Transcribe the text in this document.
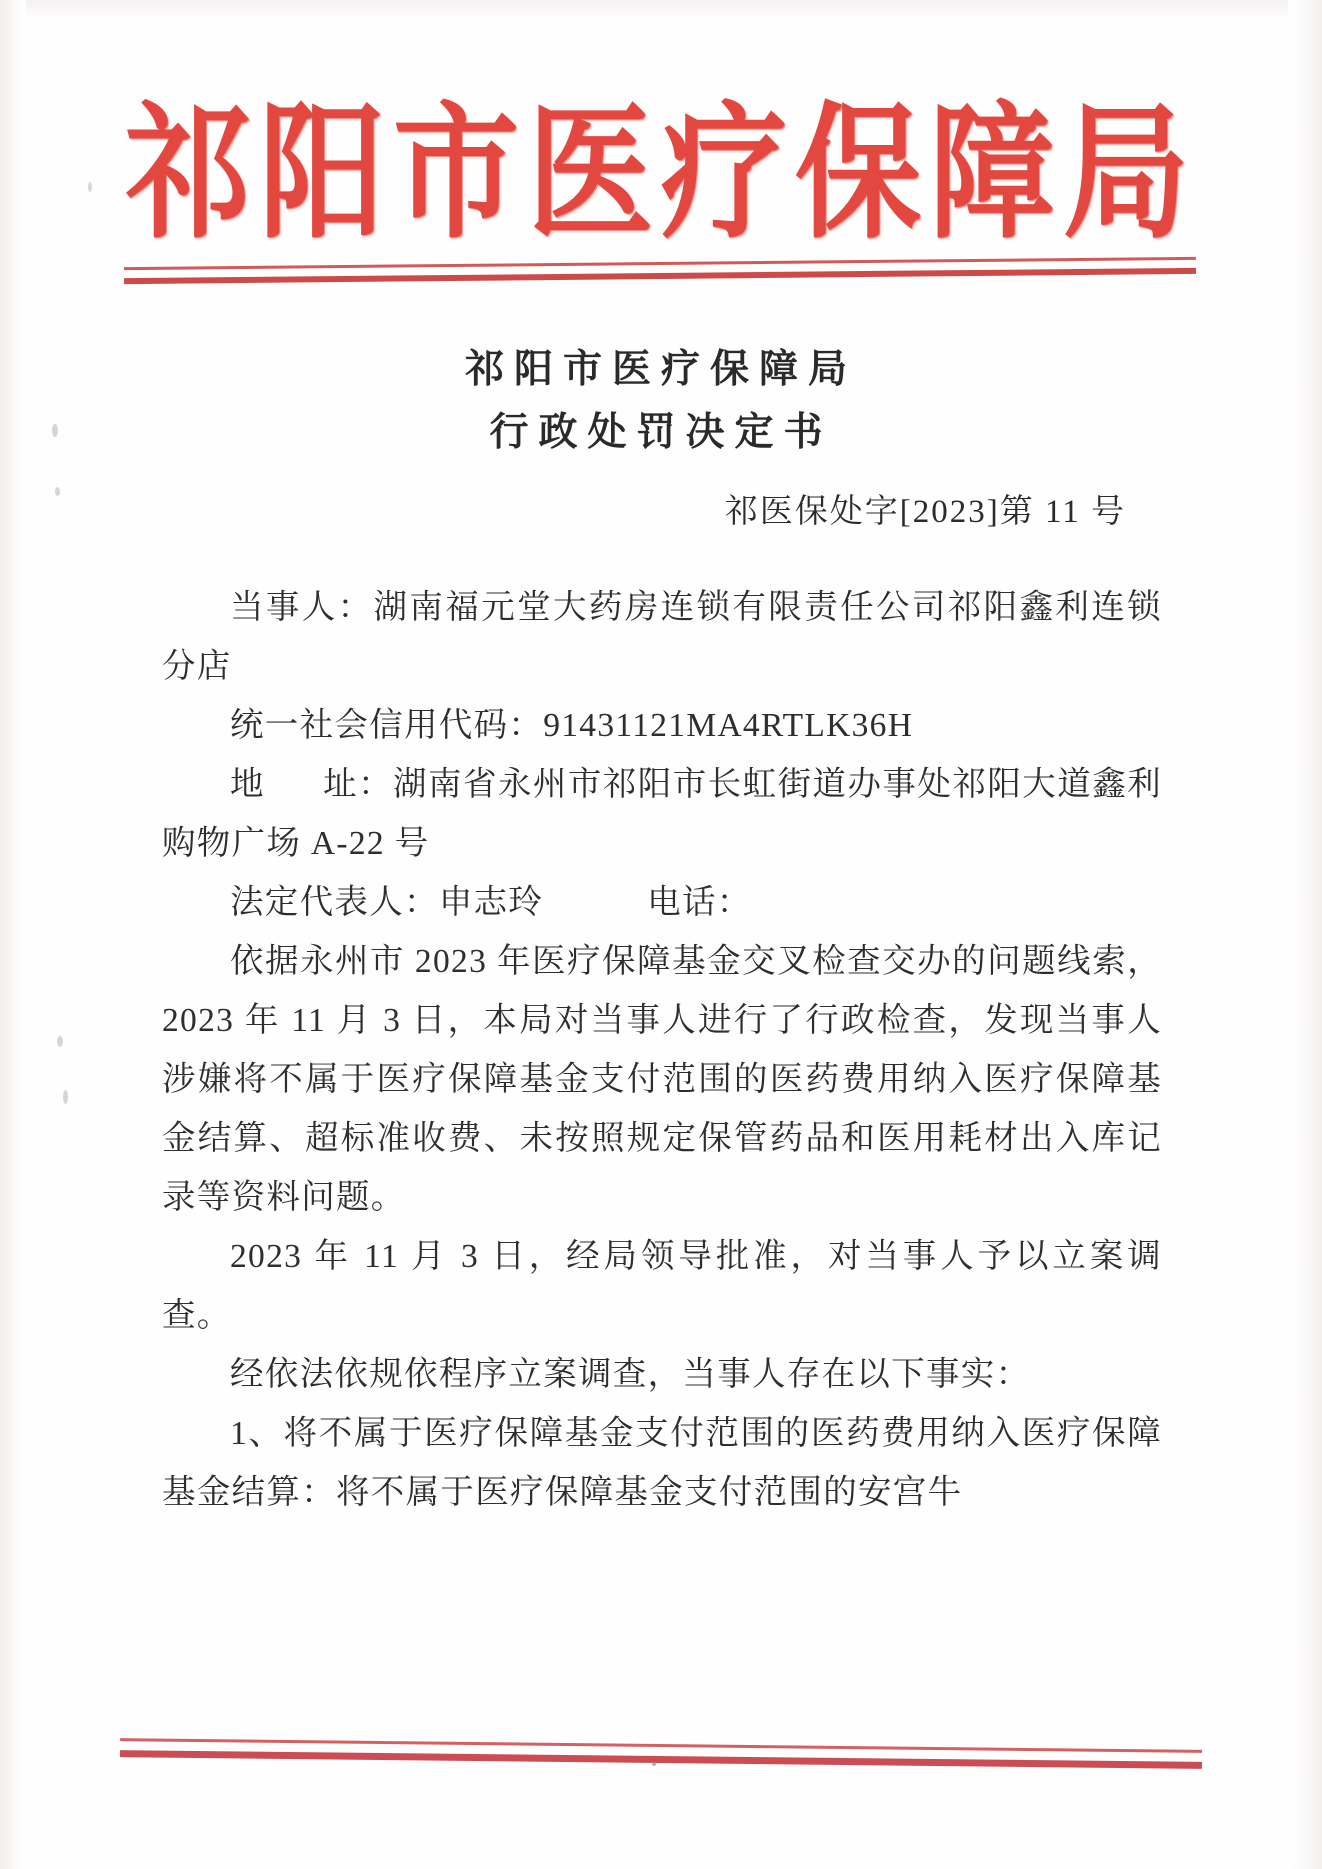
祁阳市医疗保障局
祁阳市医疗保障局
行政处罚决定书
祁医保处字[2023]第 11 号

当事人：湖南福元堂大药房连锁有限责任公司祁阳鑫利连锁分店

统一社会信用代码：91431121MA4RTLK36H

地 址：湖南省永州市祁阳市长虹街道办事处祁阳大道鑫利购物广场 A-22 号

法定代表人：申志玲	电话：

依据永州市 2023 年医疗保障基金交叉检查交办的问题线索，2023 年 11 月 3 日，本局对当事人进行了行政检查，发现当事人涉嫌将不属于医疗保障基金支付范围的医药费用纳入医疗保障基金结算、超标准收费、未按照规定保管药品和医用耗材出入库记录等资料问题。

2023 年 11 月 3 日，经局领导批准，对当事人予以立案调查。

经依法依规依程序立案调查，当事人存在以下事实：

1、将不属于医疗保障基金支付范围的医药费用纳入医疗保障基金结算：将不属于医疗保障基金支付范围的安宫牛
